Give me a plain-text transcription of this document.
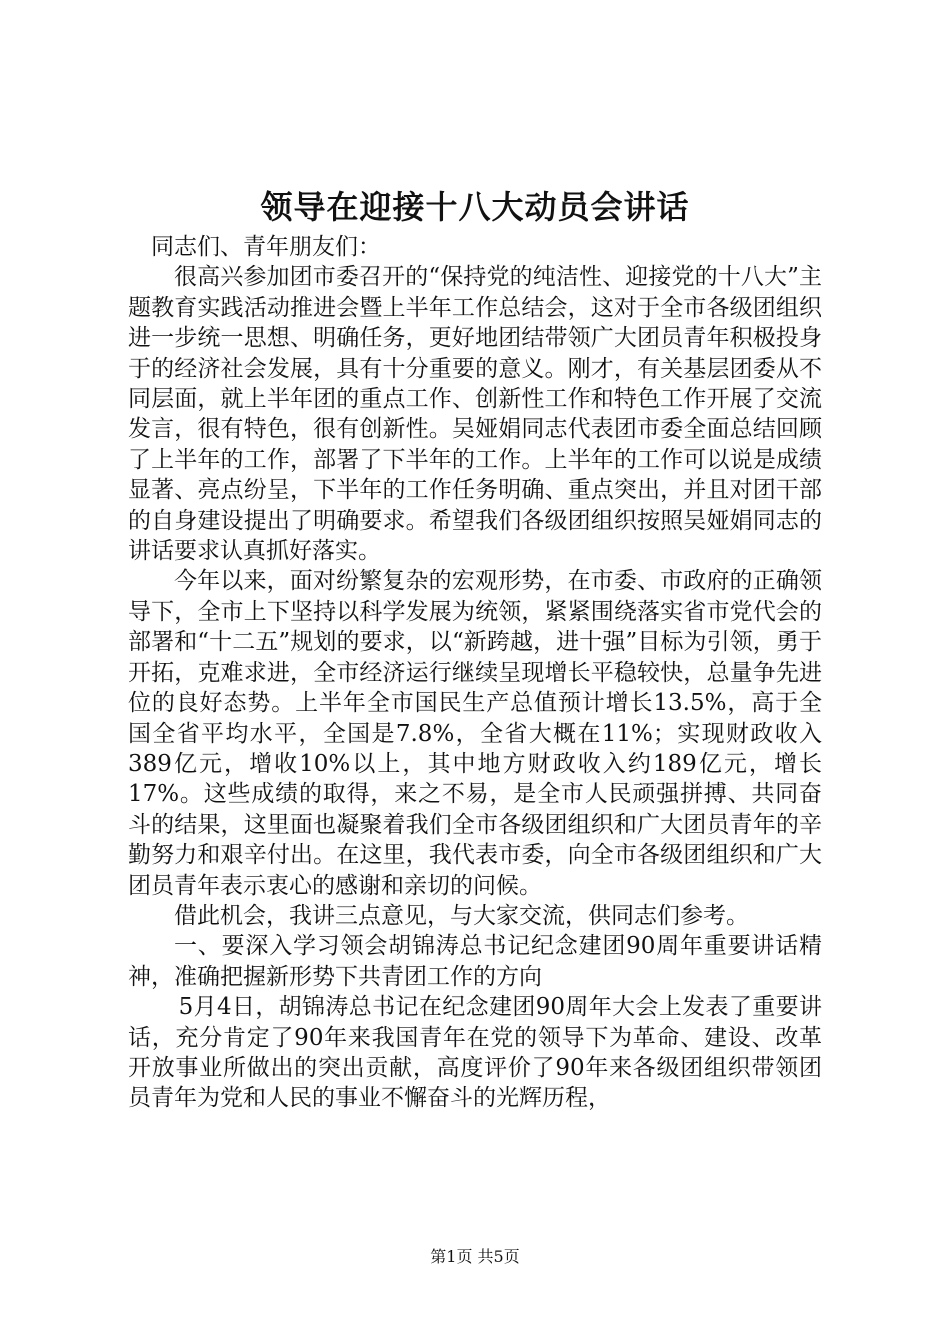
领导在迎接十八大动员会讲话

同志们、青年朋友们：

很高兴参加团市委召开的“保持党的纯洁性、迎接党的十八大”主题教育实践活动推进会暨上半年工作总结会，这对于全市各级团组织进一步统一思想、明确任务，更好地团结带领广大团员青年积极投身于的经济社会发展，具有十分重要的意义。刚才，有关基层团委从不同层面，就上半年团的重点工作、创新性工作和特色工作开展了交流发言，很有特色，很有创新性。吴娅娟同志代表团市委全面总结回顾了上半年的工作，部署了下半年的工作。上半年的工作可以说是成绩显著、亮点纷呈，下半年的工作任务明确、重点突出，并且对团干部的自身建设提出了明确要求。希望我们各级团组织按照吴娅娟同志的讲话要求认真抓好落实。

今年以来，面对纷繁复杂的宏观形势，在市委、市政府的正确领导下，全市上下坚持以科学发展为统领，紧紧围绕落实省市党代会的部署和“十二五”规划的要求，以“新跨越，进十强”目标为引领，勇于开拓，克难求进，全市经济运行继续呈现增长平稳较快，总量争先进位的良好态势。上半年全市国民生产总值预计增长13.5%，高于全国全省平均水平，全国是7.8%，全省大概在11%；实现财政收入389亿元，增收10%以上，其中地方财政收入约189亿元，增长17%。这些成绩的取得，来之不易，是全市人民顽强拼搏、共同奋斗的结果，这里面也凝聚着我们全市各级团组织和广大团员青年的辛勤努力和艰辛付出。在这里，我代表市委，向全市各级团组织和广大团员青年表示衷心的感谢和亲切的问候。

借此机会，我讲三点意见，与大家交流，供同志们参考。

一、要深入学习领会胡锦涛总书记纪念建团90周年重要讲话精神，准确把握新形势下共青团工作的方向

5月4日，胡锦涛总书记在纪念建团90周年大会上发表了重要讲话，充分肯定了90年来我国青年在党的领导下为革命、建设、改革开放事业所做出的突出贡献，高度评价了90年来各级团组织带领团员青年为党和人民的事业不懈奋斗的光辉历程，

第1页 共5页
